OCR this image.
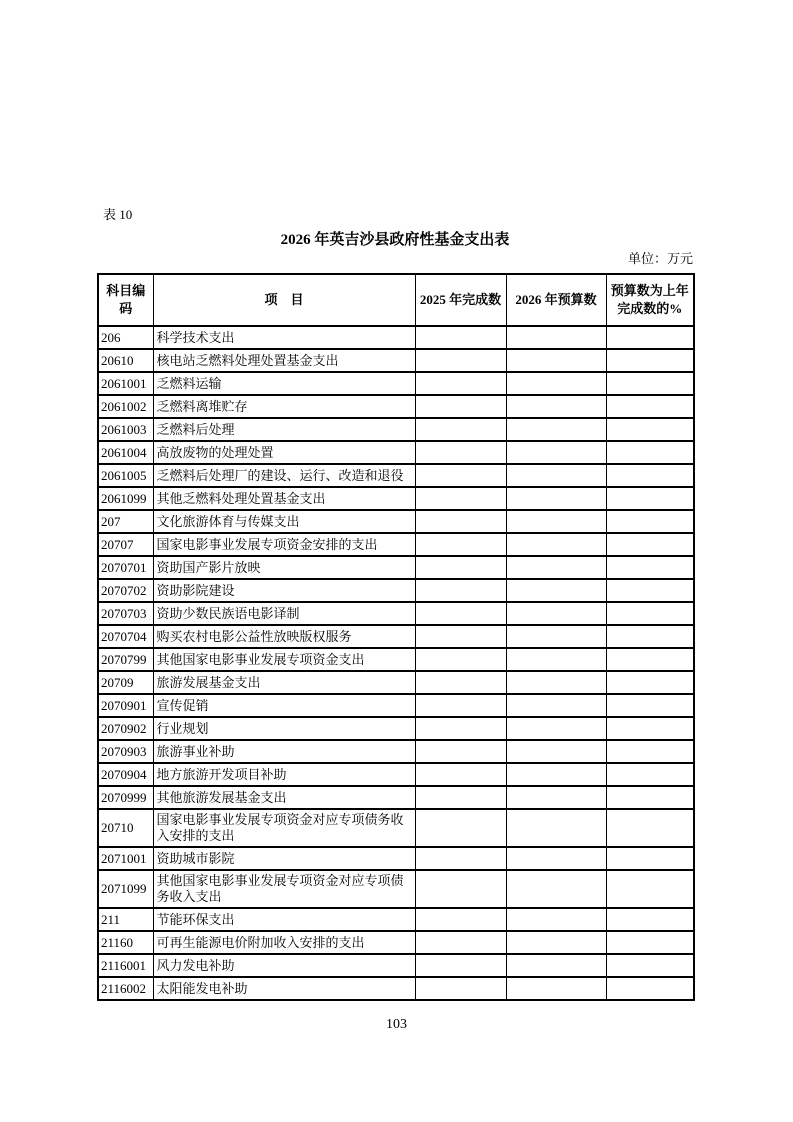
表 10
2026 年英吉沙县政府性基金支出表
单位：万元
科目编码	项　目	2025 年完成数	2026 年预算数	预算数为上年完成数的%
206	科学技术支出			
20610	核电站乏燃料处理处置基金支出			
2061001	乏燃料运输			
2061002	乏燃料离堆贮存			
2061003	乏燃料后处理			
2061004	高放废物的处理处置			
2061005	乏燃料后处理厂的建设、运行、改造和退役			
2061099	其他乏燃料处理处置基金支出			
207	文化旅游体育与传媒支出			
20707	国家电影事业发展专项资金安排的支出			
2070701	资助国产影片放映			
2070702	资助影院建设			
2070703	资助少数民族语电影译制			
2070704	购买农村电影公益性放映版权服务			
2070799	其他国家电影事业发展专项资金支出			
20709	旅游发展基金支出			
2070901	宣传促销			
2070902	行业规划			
2070903	旅游事业补助			
2070904	地方旅游开发项目补助			
2070999	其他旅游发展基金支出			
20710	国家电影事业发展专项资金对应专项债务收入安排的支出			
2071001	资助城市影院			
2071099	其他国家电影事业发展专项资金对应专项债务收入支出			
211	节能环保支出			
21160	可再生能源电价附加收入安排的支出			
2116001	风力发电补助			
2116002	太阳能发电补助			
103
